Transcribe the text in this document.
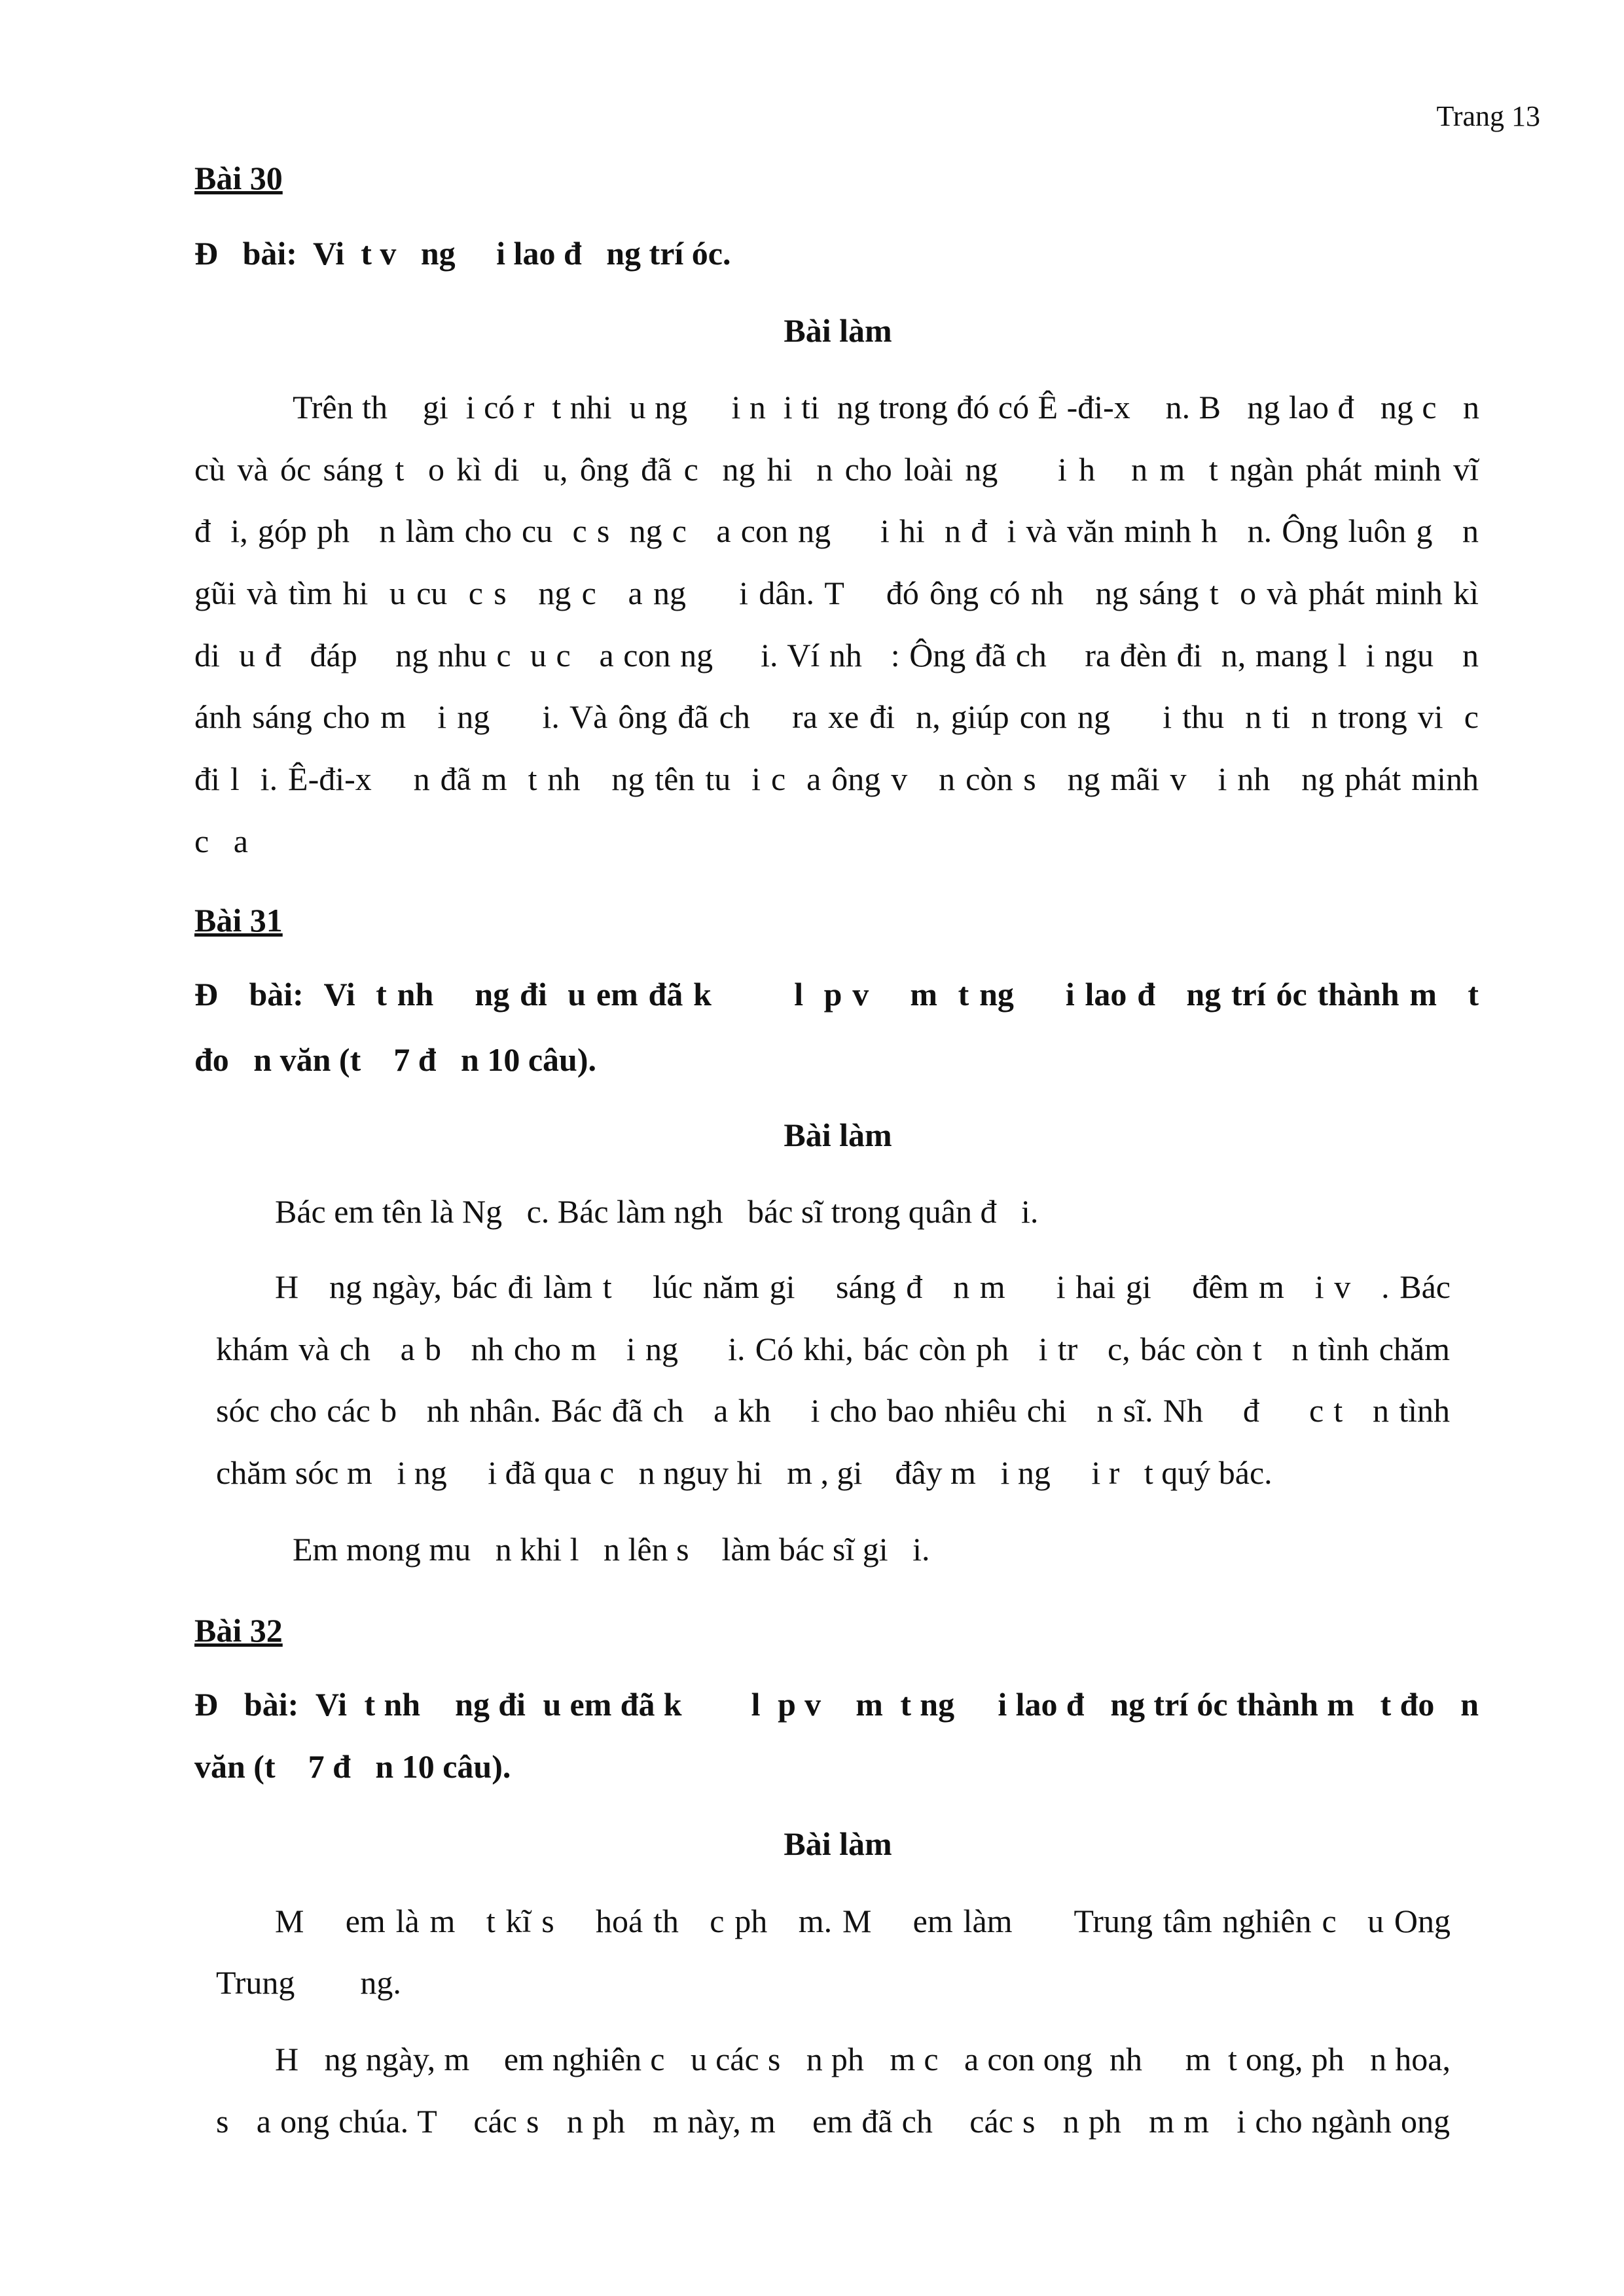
Trang 13
Bài 30
Đ   bài:  Vi  t v   ng     i lao đ   ng trí óc.
Bài làm
Trên th    gi  i có r  t nhi  u ng     i n  i ti  ng trong đó có Ê -đi-x    n. B   ng lao đ   ng c   n
cù và óc sáng t  o kì di  u, ông đã c  ng hi  n cho loài ng     i h   n m  t ngàn phát minh vĩ
đ  i, góp ph   n làm cho cu  c s  ng c   a con ng     i hi  n đ  i và văn minh h   n. Ông luôn g   n
gũi và tìm hi  u cu  c s   ng c   a ng     i dân. T    đó ông có nh   ng sáng t  o và phát minh kì
di  u đ   đáp    ng nhu c  u c   a con ng     i. Ví nh   : Ông đã ch    ra đèn đi  n, mang l  i ngu   n
ánh sáng cho m   i ng     i. Và ông đã ch    ra xe đi  n, giúp con ng     i thu  n ti  n trong vi  c
đi l  i. Ê-đi-x    n đã m  t nh   ng tên tu  i c  a ông v   n còn s   ng mãi v   i nh   ng phát minh
c   a
Bài 31
Đ   bài:  Vi  t nh    ng đi  u em đã k        l  p v    m  t ng     i lao đ   ng trí óc thành m   t
đo   n văn (t    7 đ   n 10 câu).
Bài làm
Bác em tên là Ng   c. Bác làm ngh   bác sĩ trong quân đ   i.
H   ng ngày, bác đi làm t    lúc năm gi    sáng đ   n m     i hai gi    đêm m   i v   . Bác
khám và ch   a b   nh cho m   i ng     i. Có khi, bác còn ph   i tr   c, bác còn t   n tình chăm
sóc cho các b   nh nhân. Bác đã ch   a kh    i cho bao nhiêu chi   n sĩ. Nh    đ     c t   n tình
chăm sóc m   i ng     i đã qua c   n nguy hi   m , gi    đây m   i ng     i r   t quý bác.
Em mong mu   n khi l   n lên s    làm bác sĩ gi   i.
Bài 32
Đ   bài:  Vi  t nh    ng đi  u em đã k        l  p v    m  t ng     i lao đ   ng trí óc thành m   t đo   n
văn (t    7 đ   n 10 câu).
Bài làm
M    em là m   t kĩ s    hoá th   c ph   m. M    em làm      Trung tâm nghiên c   u Ong
Trung        ng.
H   ng ngày, m    em nghiên c   u các s   n ph   m c   a con ong  nh     m  t ong, ph   n hoa,
s   a ong chúa. T    các s   n ph   m này, m    em đã ch    các s   n ph   m m   i cho ngành ong
